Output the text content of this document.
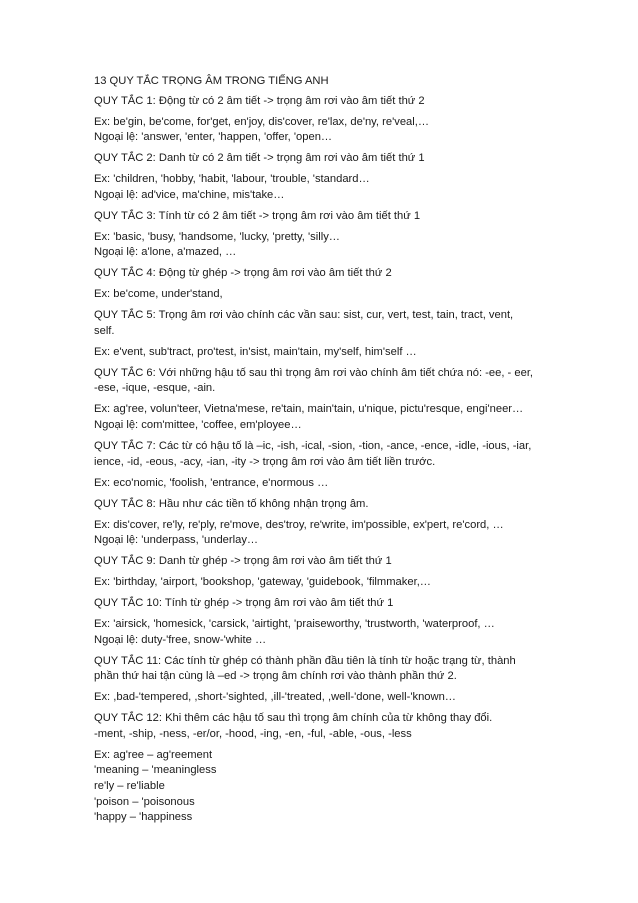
13 QUY TẮC TRỌNG ÂM TRONG TIẾNG ANH

QUY TẮC 1: Động từ có 2 âm tiết -> trọng âm rơi vào âm tiết thứ 2

Ex: be'gin, be'come, for'get, en'joy, dis'cover, re'lax, de'ny, re'veal,…

Ngoại lệ: 'answer, 'enter, 'happen, 'offer, 'open…

QUY TẮC 2: Danh từ có 2 âm tiết -> trọng âm rơi vào âm tiết thứ 1

Ex: 'children, 'hobby, 'habit, 'labour, 'trouble, 'standard…

Ngoại lệ: ad'vice, ma'chine, mis'take…

QUY TẮC 3: Tính từ có 2 âm tiết -> trọng âm rơi vào âm tiết thứ 1

Ex: 'basic, 'busy, 'handsome, 'lucky, 'pretty, 'silly…

Ngoại lệ: a'lone, a'mazed, …

QUY TẮC 4: Động từ ghép -> trọng âm rơi vào âm tiết thứ 2

Ex: be'come, under'stand,

QUY TẮC 5: Trọng âm rơi vào chính các vần sau: sist, cur, vert, test, tain, tract, vent,

self.

Ex: e'vent, sub'tract, pro'test, in'sist, main'tain, my'self, him'self …

QUY TẮC 6: Với những hậu tố sau thì trọng âm rơi vào chính âm tiết chứa nó: -ee, - eer,

-ese, -ique, -esque, -ain.

Ex: ag'ree, volun'teer, Vietna'mese, re'tain, main'tain, u'nique, pictu'resque, engi'neer…

Ngoại lệ: com'mittee, 'coffee, em'ployee…

QUY TẮC 7: Các từ có hậu tố là –ic, -ish, -ical, -sion, -tion, -ance, -ence, -idle, -ious, -iar,

ience, -id, -eous, -acy, -ian, -ity -> trọng âm rơi vào âm tiết liền trước.

Ex: eco'nomic, 'foolish, 'entrance, e'normous …

QUY TẮC 8: Hầu như các tiền tố không nhận trọng âm.

Ex: dis'cover, re'ly, re'ply, re'move, des'troy, re'write, im'possible, ex'pert, re'cord, …

Ngoại lệ: 'underpass, 'underlay…

QUY TẮC 9: Danh từ ghép -> trọng âm rơi vào âm tiết thứ 1

Ex: 'birthday, 'airport, 'bookshop, 'gateway, 'guidebook, 'filmmaker,…

QUY TẮC 10: Tính từ ghép -> trọng âm rơi vào âm tiết thứ 1

Ex: 'airsick, 'homesick, 'carsick, 'airtight, 'praiseworthy, 'trustworth, 'waterproof, …

Ngoại lệ: duty-'free, snow-'white …

QUY TẮC 11: Các tính từ ghép có thành phần đầu tiên là tính từ hoặc trạng từ, thành

phần thứ hai tận cùng là –ed -> trọng âm chính rơi vào thành phần thứ 2.

Ex: ,bad-'tempered, ,short-'sighted, ,ill-'treated, ,well-'done, well-'known…

QUY TẮC 12: Khi thêm các hậu tố sau thì trọng âm chính của từ không thay đổi.

-ment, -ship, -ness, -er/or, -hood, -ing, -en, -ful, -able, -ous, -less

Ex: ag'ree – ag'reement

'meaning – 'meaningless

re'ly – re'liable

'poison – 'poisonous

'happy – 'happiness
